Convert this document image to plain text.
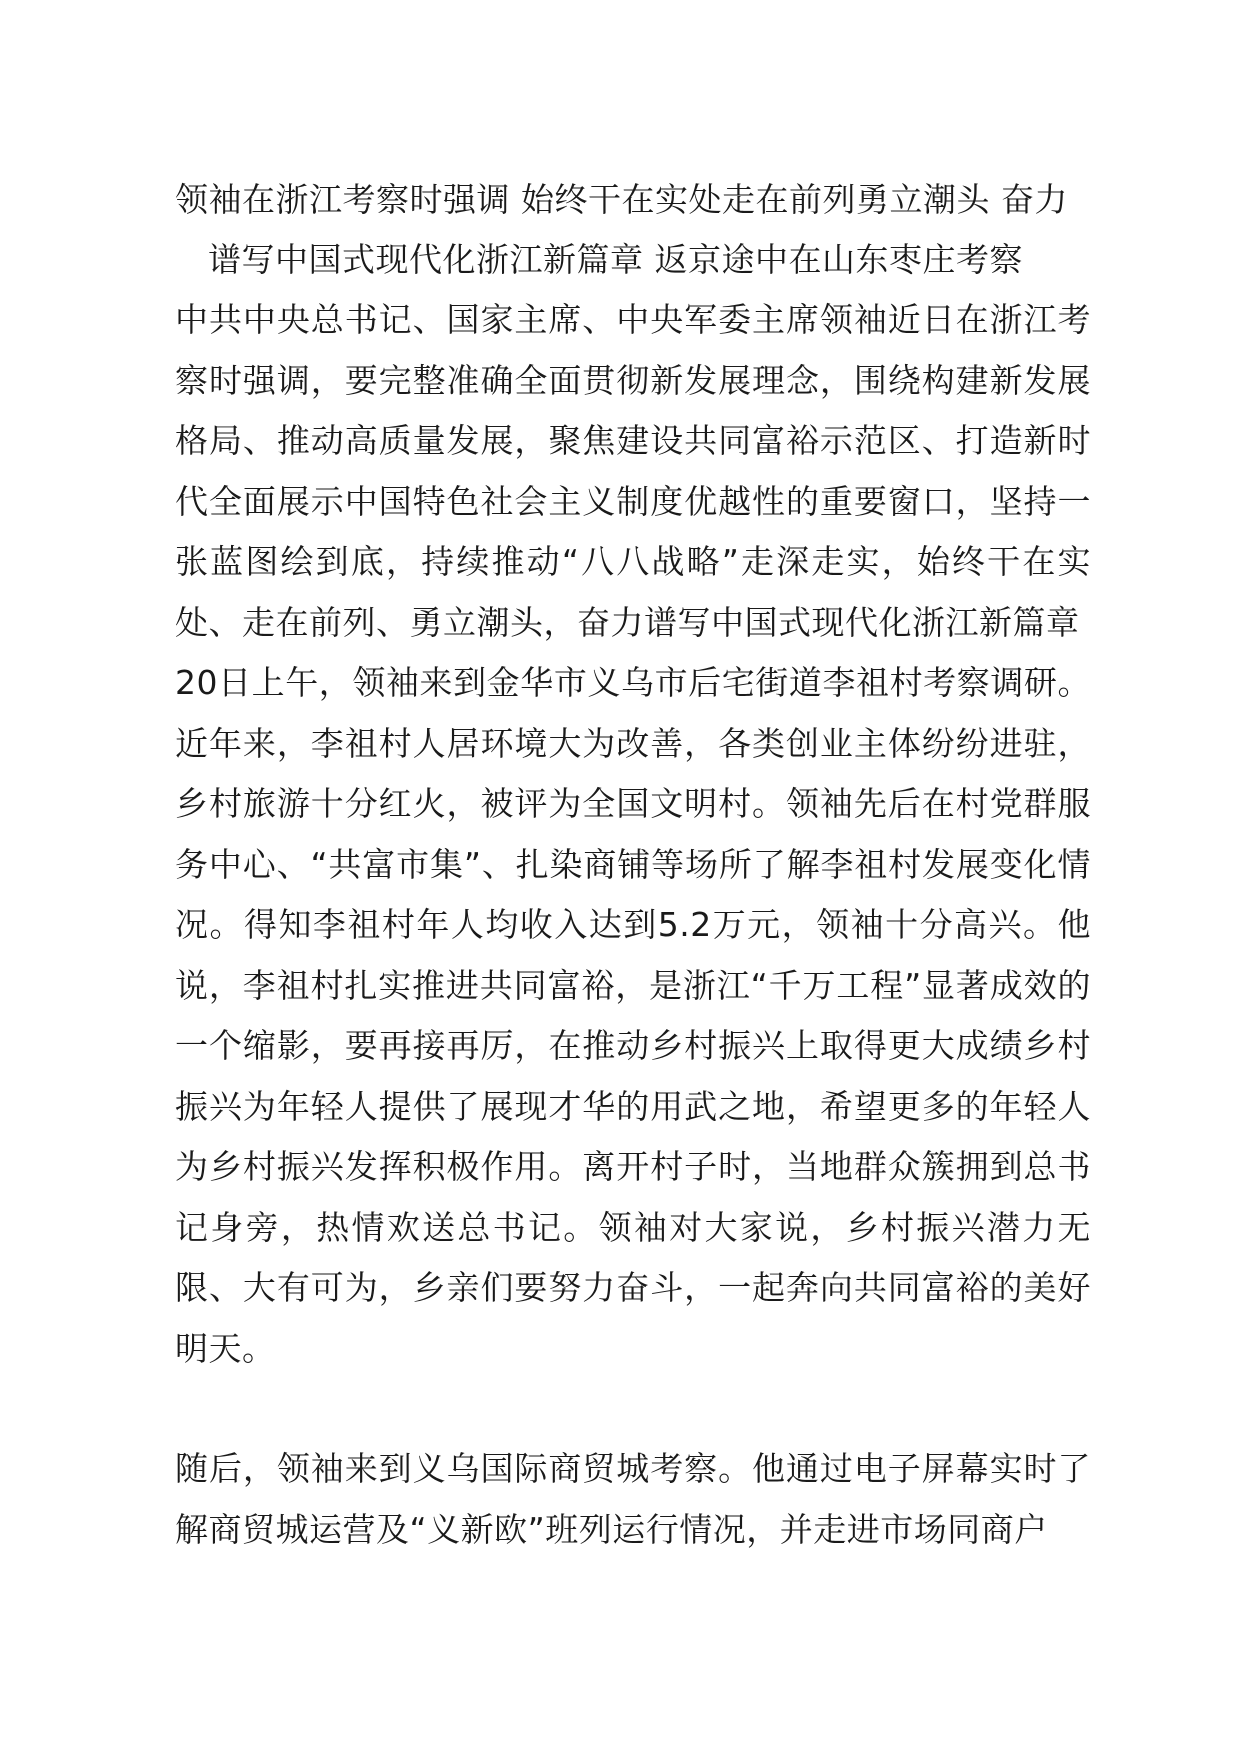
领袖在浙江考察时强调 始终干在实处走在前列勇立潮头 奋力
谱写中国式现代化浙江新篇章 返京途中在山东枣庄考察

中共中央总书记、国家主席、中央军委主席领袖近日在浙江考察时强调，要完整准确全面贯彻新发展理念，围绕构建新发展格局、推动高质量发展，聚焦建设共同富裕示范区、打造新时代全面展示中国特色社会主义制度优越性的重要窗口，坚持一张蓝图绘到底，持续推动“八八战略”走深走实，始终干在实处、走在前列、勇立潮头，奋力谱写中国式现代化浙江新篇章

20日上午，领袖来到金华市义乌市后宅街道李祖村考察调研。近年来，李祖村人居环境大为改善，各类创业主体纷纷进驻，乡村旅游十分红火，被评为全国文明村。领袖先后在村党群服务中心、“共富市集”、扎染商铺等场所了解李祖村发展变化情况。得知李祖村年人均收入达到5.2万元，领袖十分高兴。他说，李祖村扎实推进共同富裕，是浙江“千万工程”显著成效的一个缩影，要再接再厉，在推动乡村振兴上取得更大成绩乡村振兴为年轻人提供了展现才华的用武之地，希望更多的年轻人为乡村振兴发挥积极作用。离开村子时，当地群众簇拥到总书记身旁，热情欢送总书记。领袖对大家说，乡村振兴潜力无限、大有可为，乡亲们要努力奋斗，一起奔向共同富裕的美好明天。

随后，领袖来到义乌国际商贸城考察。他通过电子屏幕实时了解商贸城运营及“义新欧”班列运行情况，并走进市场同商户
